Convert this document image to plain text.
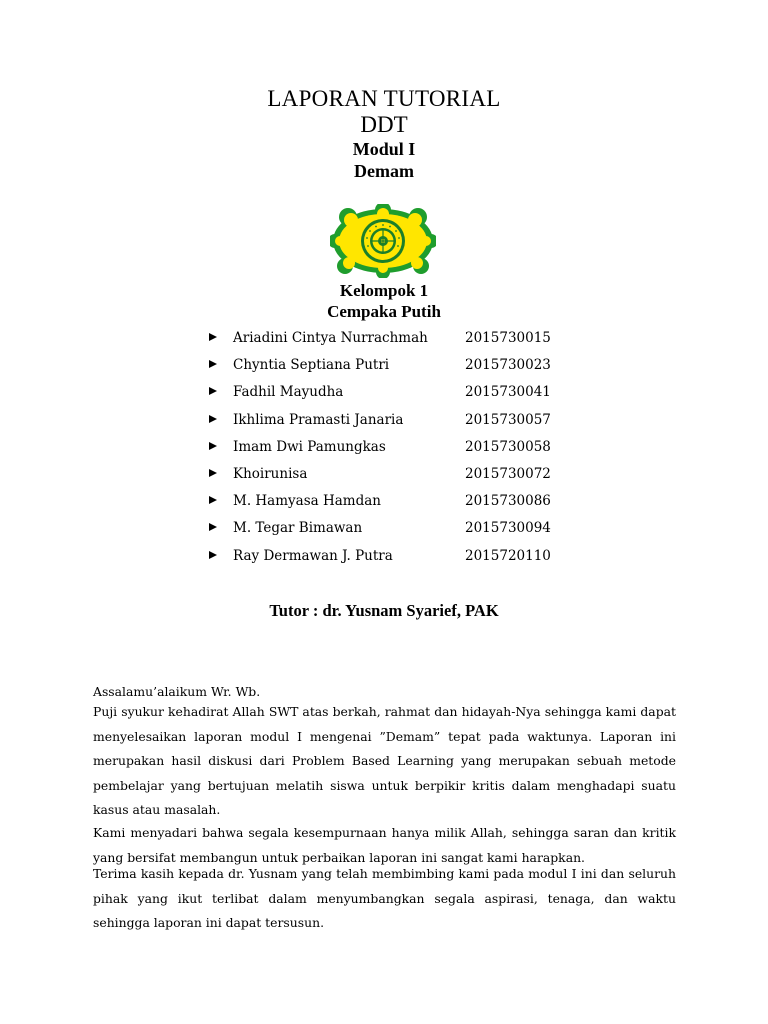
LAPORAN TUTORIAL
DDT
Modul I
Demam
Kelompok 1
Cempaka Putih
Ariadini Cintya Nurrachmah	2015730015
Chyntia Septiana Putri	2015730023
Fadhil Mayudha	2015730041
Ikhlima Pramasti Janaria	2015730057
Imam Dwi Pamungkas	2015730058
Khoirunisa	2015730072
M. Hamyasa Hamdan	2015730086
M. Tegar Bimawan	2015730094
Ray Dermawan J. Putra	2015720110
Tutor : dr. Yusnam Syarief, PAK

Assalamu’alaikum Wr. Wb.

Puji syukur kehadirat Allah SWT atas berkah, rahmat dan hidayah-Nya sehingga kami dapat menyelesaikan laporan modul I mengenai ”Demam” tepat pada waktunya. Laporan ini merupakan hasil diskusi dari Problem Based Learning yang merupakan sebuah metode pembelajar yang bertujuan melatih siswa untuk berpikir kritis dalam menghadapi suatu kasus atau masalah.

Kami menyadari bahwa segala kesempurnaan hanya milik Allah, sehingga saran dan kritik yang bersifat membangun untuk perbaikan laporan ini sangat kami harapkan.

Terima kasih kepada dr. Yusnam yang telah membimbing kami pada modul I ini dan seluruh pihak yang ikut terlibat dalam menyumbangkan segala aspirasi, tenaga, dan waktu sehingga laporan ini dapat tersusun.
